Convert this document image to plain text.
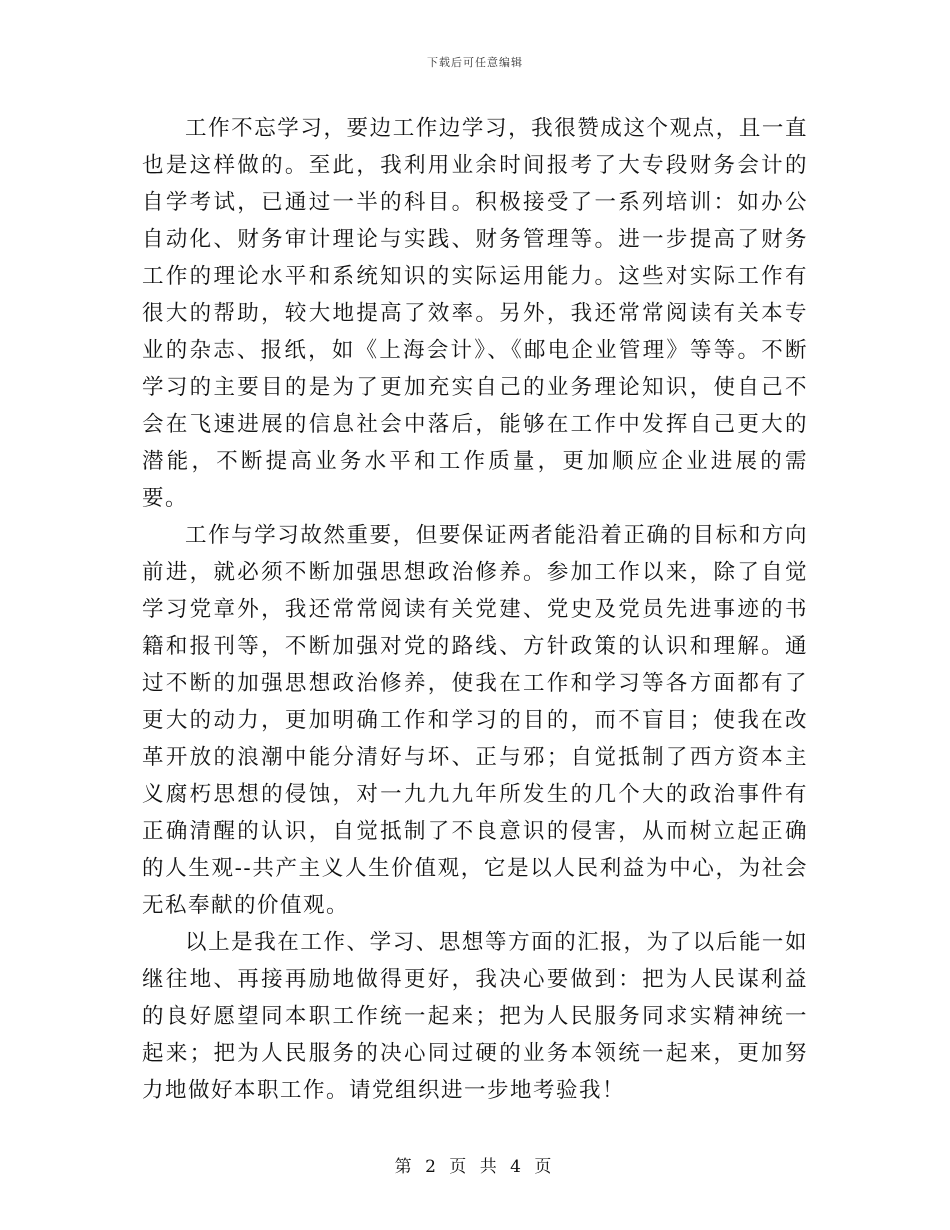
下载后可任意编辑

工作不忘学习，要边工作边学习，我很赞成这个观点，且一直也是这样做的。至此，我利用业余时间报考了大专段财务会计的自学考试，已通过一半的科目。积极接受了一系列培训：如办公自动化、财务审计理论与实践、财务管理等。进一步提高了财务工作的理论水平和系统知识的实际运用能力。这些对实际工作有很大的帮助，较大地提高了效率。另外，我还常常阅读有关本专业的杂志、报纸，如《上海会计》、《邮电企业管理》等等。不断学习的主要目的是为了更加充实自己的业务理论知识，使自己不会在飞速进展的信息社会中落后，能够在工作中发挥自己更大的潜能，不断提高业务水平和工作质量，更加顺应企业进展的需要。

工作与学习故然重要，但要保证两者能沿着正确的目标和方向前进，就必须不断加强思想政治修养。参加工作以来，除了自觉学习党章外，我还常常阅读有关党建、党史及党员先进事迹的书籍和报刊等，不断加强对党的路线、方针政策的认识和理解。通过不断的加强思想政治修养，使我在工作和学习等各方面都有了更大的动力，更加明确工作和学习的目的，而不盲目；使我在改革开放的浪潮中能分清好与坏、正与邪；自觉抵制了西方资本主义腐朽思想的侵蚀，对一九九九年所发生的几个大的政治事件有正确清醒的认识，自觉抵制了不良意识的侵害，从而树立起正确的人生观--共产主义人生价值观，它是以人民利益为中心，为社会无私奉献的价值观。

以上是我在工作、学习、思想等方面的汇报，为了以后能一如继往地、再接再励地做得更好，我决心要做到：把为人民谋利益的良好愿望同本职工作统一起来；把为人民服务同求实精神统一起来；把为人民服务的决心同过硬的业务本领统一起来，更加努力地做好本职工作。请党组织进一步地考验我！

第 2 页 共 4 页
